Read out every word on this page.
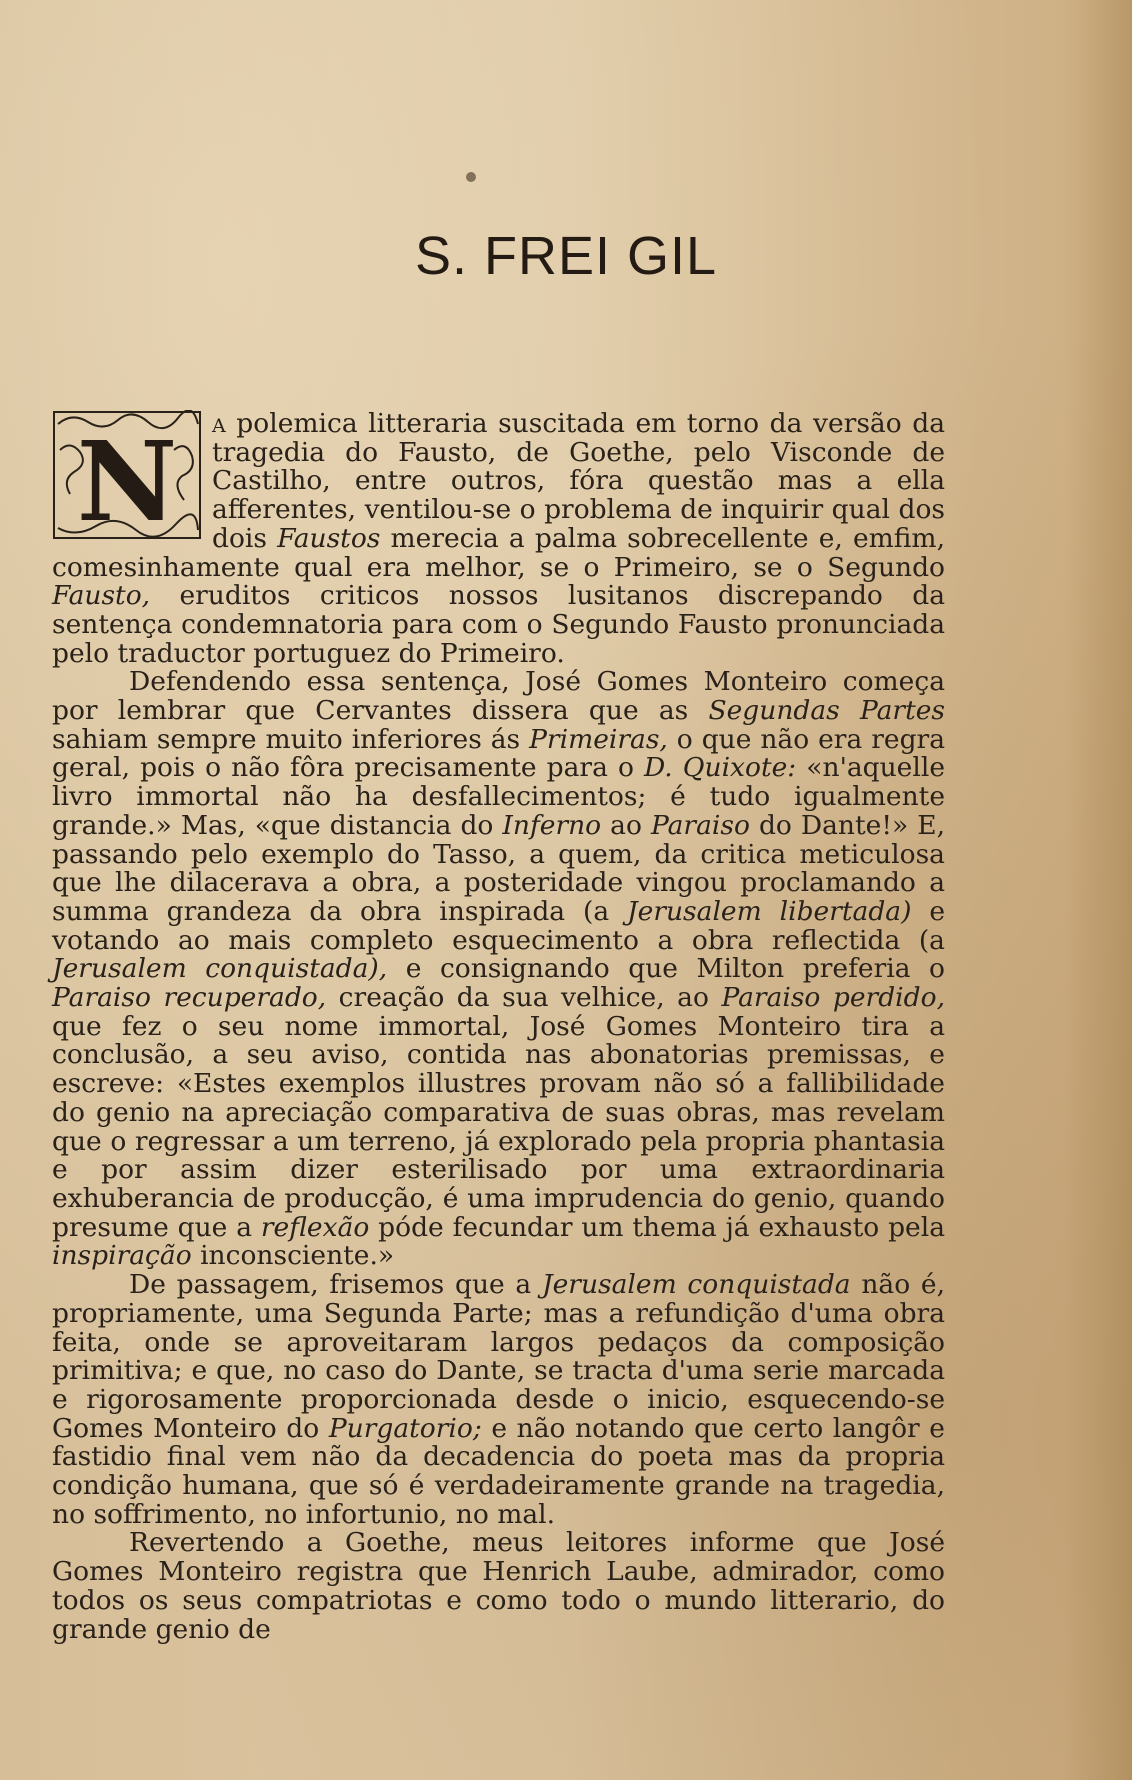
S. FREI GIL

N a polemica litteraria suscitada em torno da versão da tragedia do Fausto, de Goethe, pelo Visconde de Castilho, entre outros, fóra questão mas a ella afferentes, ventilou-se o problema de inquirir qual dos dois Faustos merecia a palma sobrecellente e, emfim, comesinhamente qual era melhor, se o Primeiro, se o Segundo Fausto, eruditos criticos nossos lusitanos discrepando da sentença condemnatoria para com o Segundo Fausto pronunciada pelo traductor portuguez do Primeiro.

Defendendo essa sentença, José Gomes Monteiro começa por lembrar que Cervantes dissera que as Segundas Partes sahiam sempre muito inferiores ás Primeiras, o que não era regra geral, pois o não fôra precisamente para o D. Quixote: «n'aquelle livro immortal não ha desfallecimentos; é tudo igualmente grande.» Mas, «que distancia do Inferno ao Paraiso do Dante!» E, passando pelo exemplo do Tasso, a quem, da critica meticulosa que lhe dilacerava a obra, a posteridade vingou proclamando a summa grandeza da obra inspirada (a Jerusalem libertada) e votando ao mais completo esquecimento a obra reflectida (a Jerusalem conquistada), e consignando que Milton preferia o Paraiso recuperado, creação da sua velhice, ao Paraiso perdido, que fez o seu nome immortal, José Gomes Monteiro tira a conclusão, a seu aviso, contida nas abonatorias premissas, e escreve: «Estes exemplos illustres provam não só a fallibilidade do genio na apreciação comparativa de suas obras, mas revelam que o regressar a um terreno, já explorado pela propria phantasia e por assim dizer esterilisado por uma extraordinaria exhuberancia de producção, é uma imprudencia do genio, quando presume que a reflexão póde fecundar um thema já exhausto pela inspiração inconsciente.»

De passagem, frisemos que a Jerusalem conquistada não é, propriamente, uma Segunda Parte; mas a refundição d'uma obra feita, onde se aproveitaram largos pedaços da composição primitiva; e que, no caso do Dante, se tracta d'uma serie marcada e rigorosamente proporcionada desde o inicio, esquecendo-se Gomes Monteiro do Purgatorio; e não notando que certo langôr e fastidio final vem não da decadencia do poeta mas da propria condição humana, que só é verdadeiramente grande na tragedia, no soffrimento, no infortunio, no mal.

Revertendo a Goethe, meus leitores informe que José Gomes Monteiro registra que Henrich Laube, admirador, como todos os seus compatriotas e como todo o mundo litterario, do grande genio de
